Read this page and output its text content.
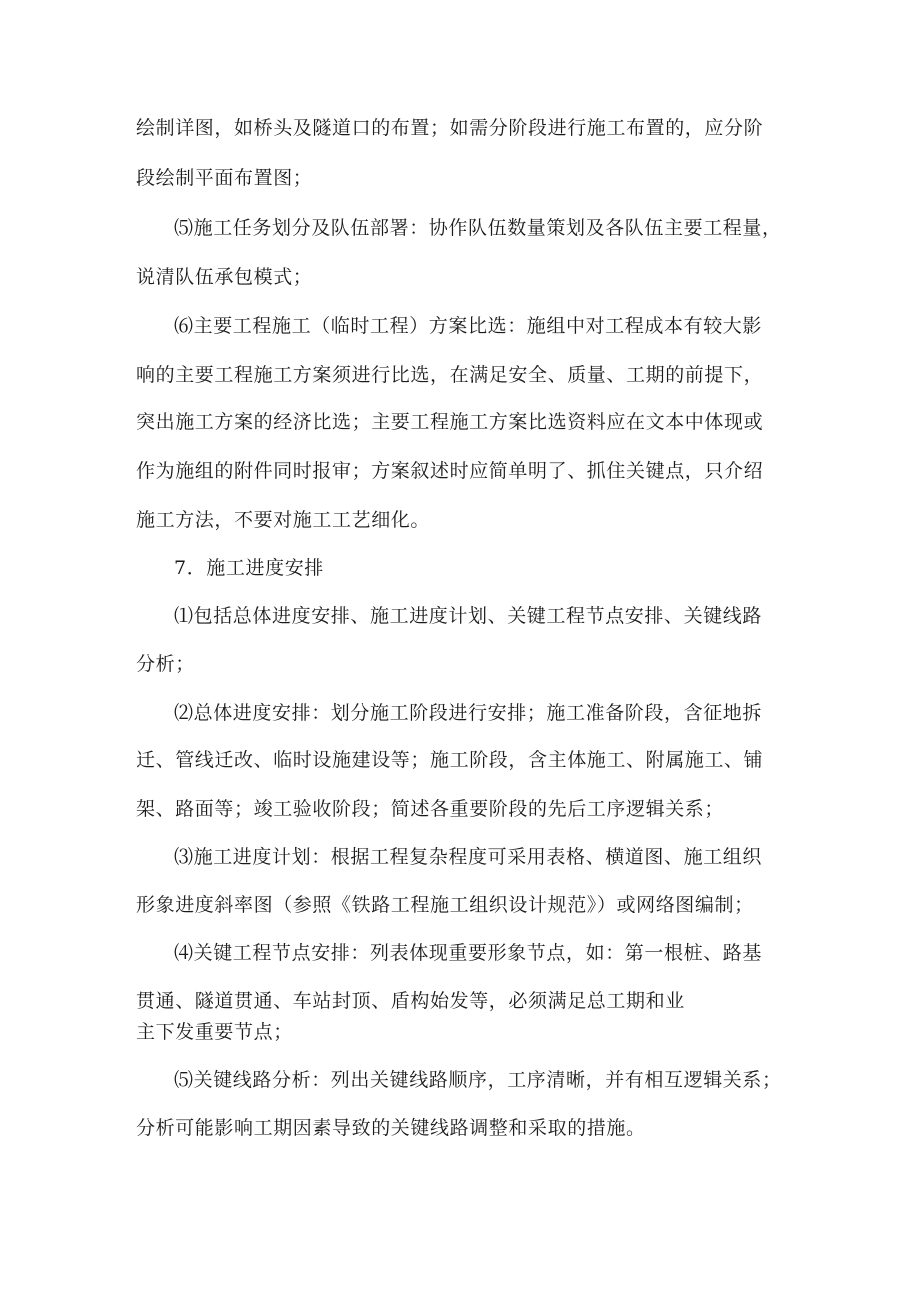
绘制详图，如桥头及隧道口的布置；如需分阶段进行施工布置的，应分阶
段绘制平面布置图；
⑸施工任务划分及队伍部署：协作队伍数量策划及各队伍主要工程量，
说清队伍承包模式；
⑹主要工程施工（临时工程）方案比选：施组中对工程成本有较大影
响的主要工程施工方案须进行比选，在满足安全、质量、工期的前提下，
突出施工方案的经济比选；主要工程施工方案比选资料应在文本中体现或
作为施组的附件同时报审；方案叙述时应简单明了、抓住关键点，只介绍
施工方法，不要对施工工艺细化。
7．施工进度安排
⑴包括总体进度安排、施工进度计划、关键工程节点安排、关键线路
分析；
⑵总体进度安排：划分施工阶段进行安排；施工准备阶段，含征地拆
迁、管线迁改、临时设施建设等；施工阶段，含主体施工、附属施工、铺
架、路面等；竣工验收阶段；简述各重要阶段的先后工序逻辑关系；
⑶施工进度计划：根据工程复杂程度可采用表格、横道图、施工组织
形象进度斜率图（参照《铁路工程施工组织设计规范》）或网络图编制；
⑷关键工程节点安排：列表体现重要形象节点，如：第一根桩、路基
贯通、隧道贯通、车站封顶、盾构始发等，必须满足总工期和业
主下发重要节点；
⑸关键线路分析：列出关键线路顺序，工序清晰，并有相互逻辑关系；
分析可能影响工期因素导致的关键线路调整和采取的措施。
